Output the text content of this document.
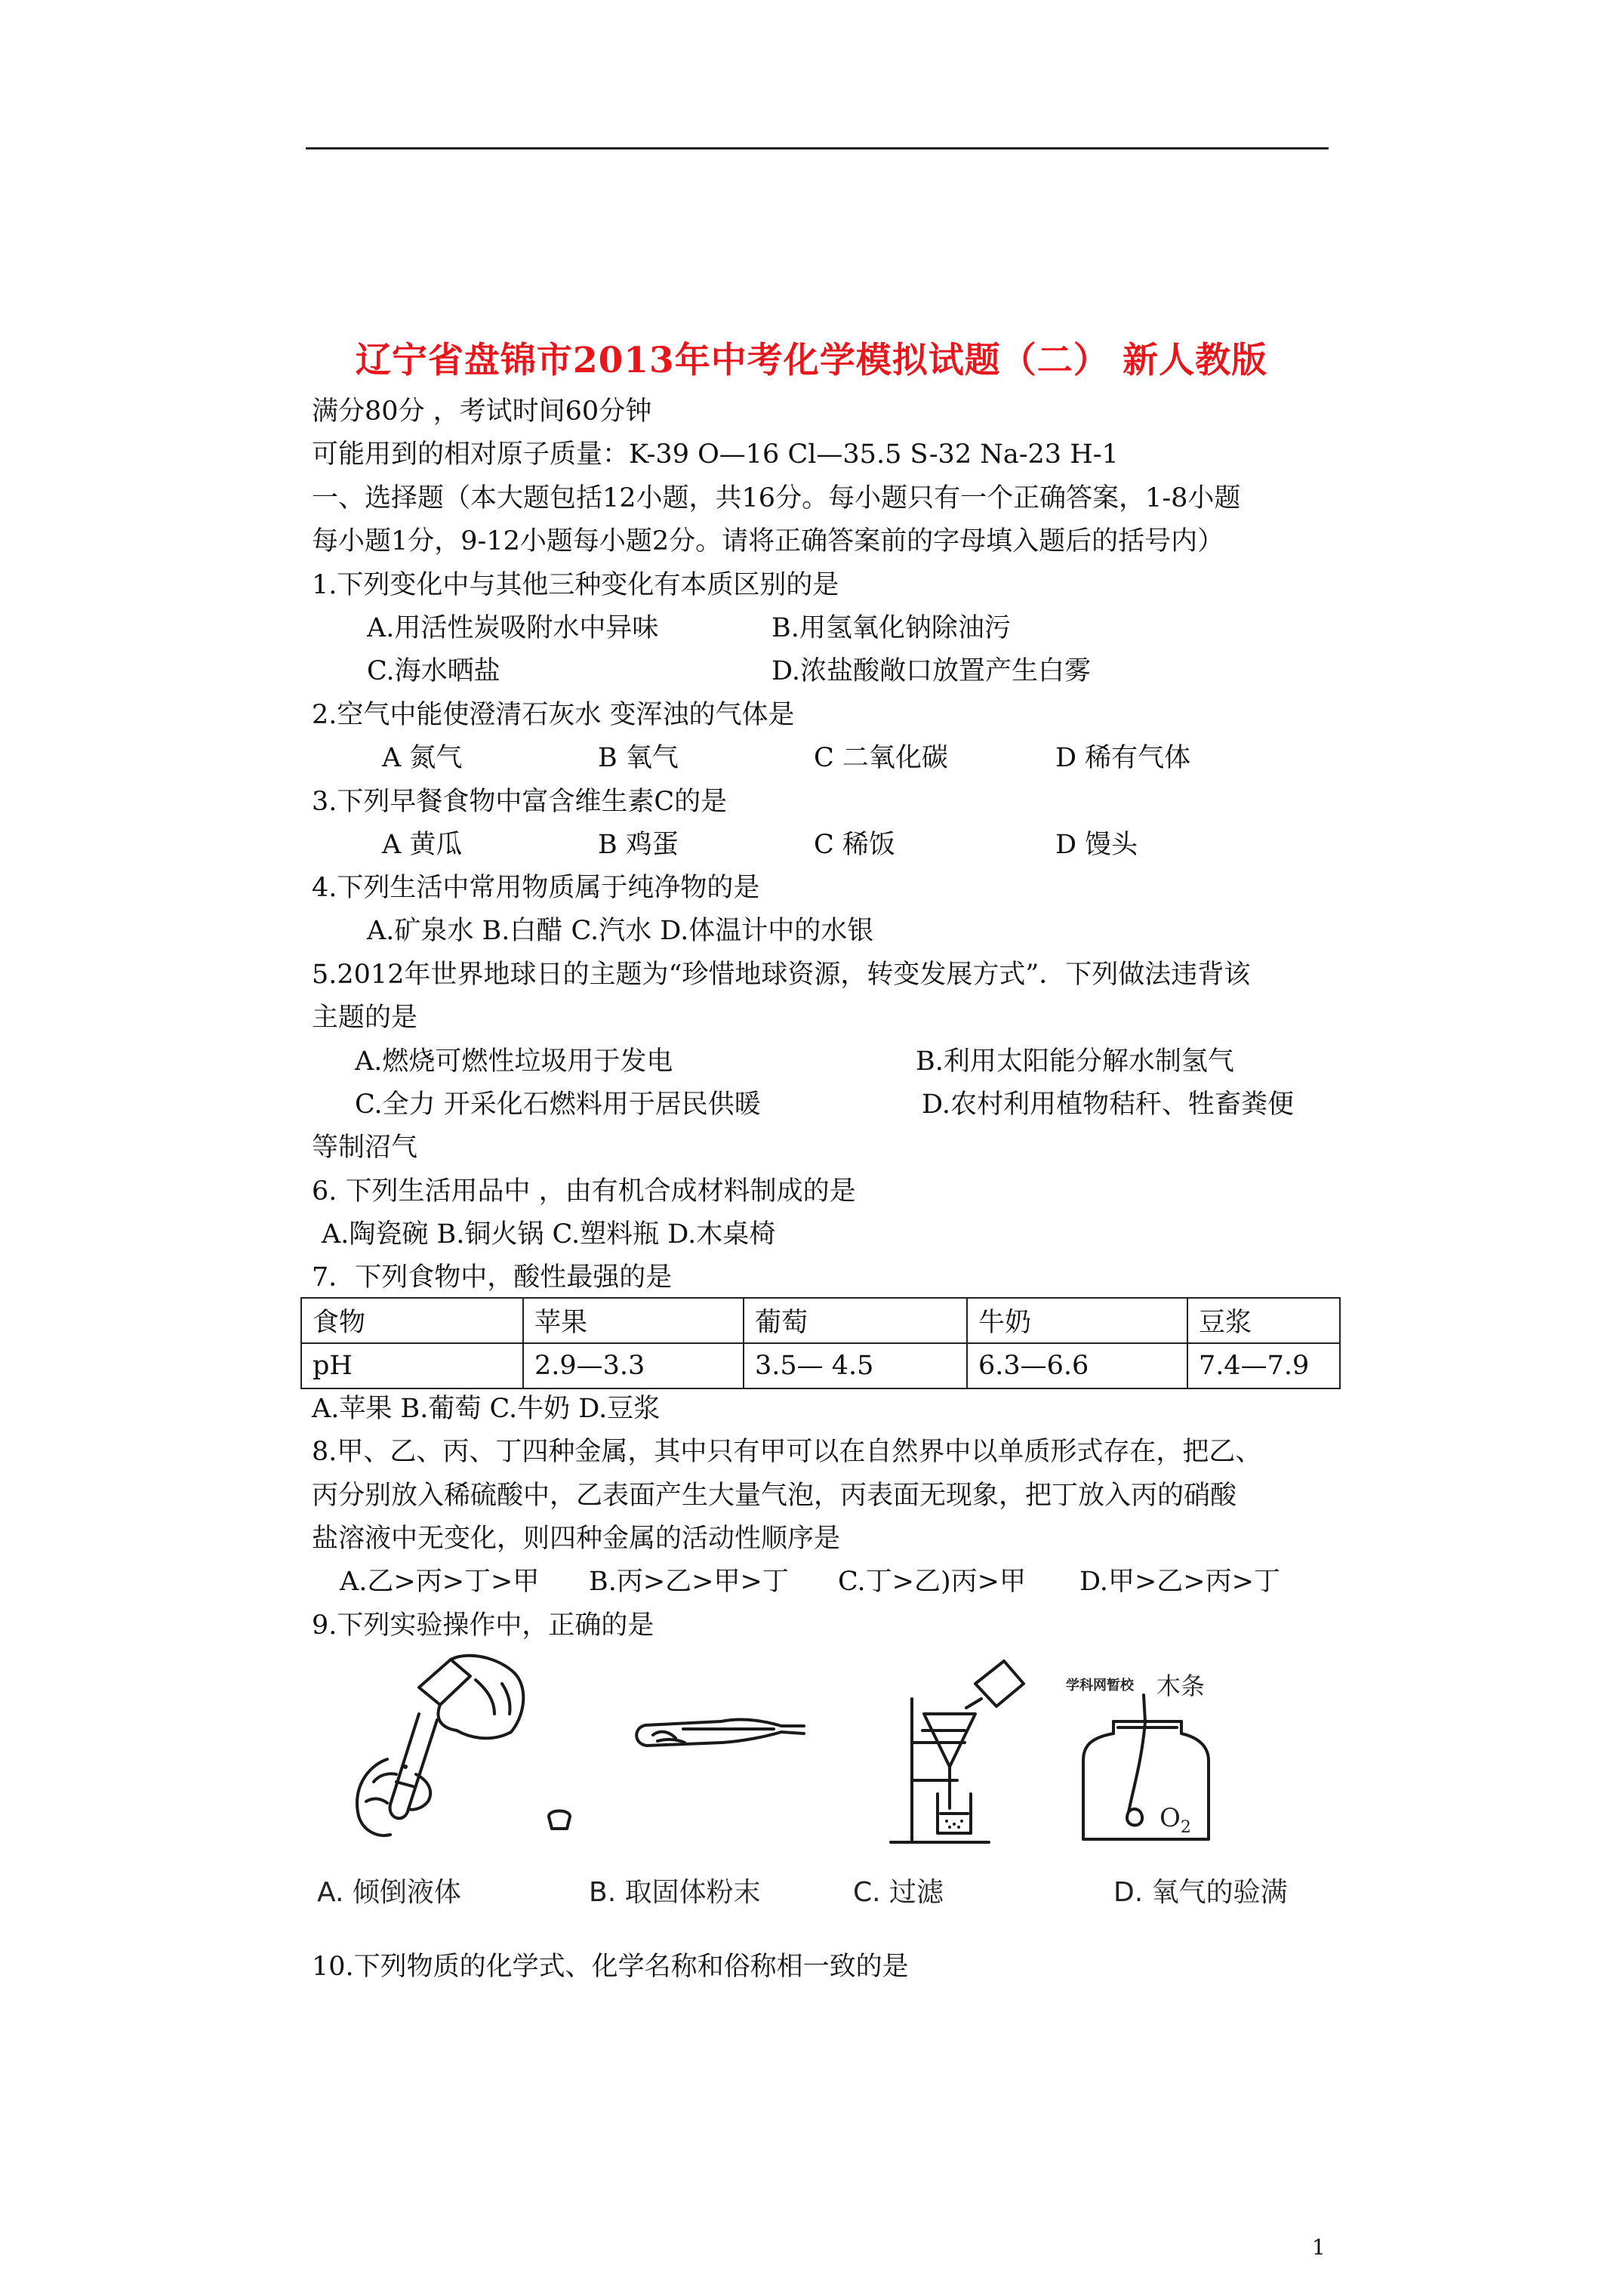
辽宁省盘锦市2013年中考化学模拟试题（二） 新人教版
满分80分 ，考试时间60分钟
可能用到的相对原子质量：K-39 O—16 Cl—35.5 S-32 Na-23 H-1
一、选择题（本大题包括12小题，共16分。每小题只有一个正确答案，1-8小题
每小题1分，9-12小题每小题2分。请将正确答案前的字母填入题后的括号内）
1.下列变化中与其他三种变化有本质区别的是
A.用活性炭吸附水中异味	B.用氢氧化钠除油污
C.海水晒盐	D.浓盐酸敞口放置产生白雾
2.空气中能使澄清石灰水 变浑浊的气体是
A 氮气	B 氧气	C 二氧化碳	D 稀有气体
3.下列早餐食物中富含维生素C的是
A 黄瓜	B 鸡蛋	C 稀饭	D 馒头
4.下列生活中常用物质属于纯净物的是
A.矿泉水 B.白醋 C.汽水 D.体温计中的水银
5.2012年世界地球日的主题为“珍惜地球资源，转变发展方式”．下列做法违背该
主题的是
A.燃烧可燃性垃圾用于发电	B.利用太阳能分解水制氢气
C.全力 开采化石燃料用于居民供暖	D.农村利用植物秸秆、牲畜粪便
等制沼气
6. 下列生活用品中 ，由有机合成材料制成的是
A.陶瓷碗 B.铜火锅 C.塑料瓶 D.木桌椅
7．下列食物中，酸性最强的是
食物	苹果	葡萄	牛奶	豆浆
pH	2.9—3.3	3.5— 4.5	6.3—6.6	7.4—7.9
A.苹果 B.葡萄 C.牛奶 D.豆浆
8.甲、乙、丙、丁四种金属，其中只有甲可以在自然界中以单质形式存在，把乙、
丙分别放入稀硫酸中，乙表面产生大量气泡，丙表面无现象，把丁放入丙的硝酸
盐溶液中无变化，则四种金属的活动性顺序是
A.乙>丙>丁>甲 B.丙>乙>甲>丁 C.丁>乙)丙>甲 D.甲>乙>丙>丁
9.下列实验操作中，正确的是
学科网暂校 木条
$O_2$
A. 倾倒液体	B. 取固体粉末	C. 过滤	D. 氧气的验满
10.下列物质的化学式、化学名称和俗称相一致的是
1
